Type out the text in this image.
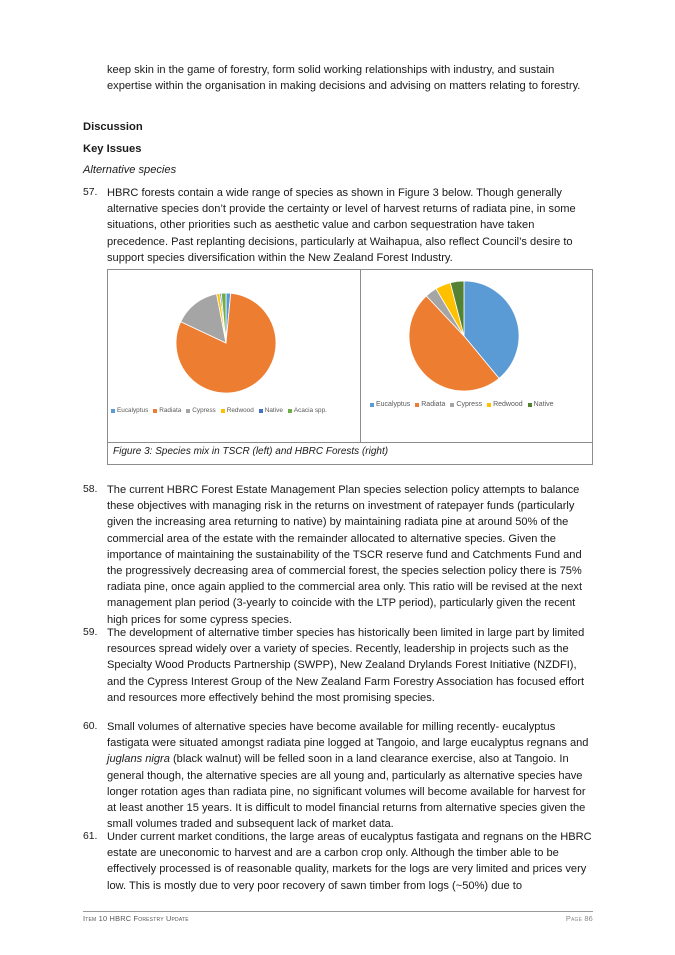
keep skin in the game of forestry, form solid working relationships with industry, and sustain expertise within the organisation in making decisions and advising on matters relating to forestry.

Discussion

Key Issues

Alternative species

57. HBRC forests contain a wide range of species as shown in Figure 3 below. Though generally alternative species don’t provide the certainty or level of harvest returns of radiata pine, in some situations, other priorities such as aesthetic value and carbon sequestration have taken precedence. Past replanting decisions, particularly at Waihapua, also reflect Council’s desire to support species diversification within the New Zealand Forest Industry.

Eucalyptus Radiata Cypress Redwood Native Acacia spp.
Eucalyptus Radiata Cypress Redwood Native
Figure 3: Species mix in TSCR (left) and HBRC Forests (right)
58. The current HBRC Forest Estate Management Plan species selection policy attempts to balance these objectives with managing risk in the returns on investment of ratepayer funds (particularly given the increasing area returning to native) by maintaining radiata pine at around 50% of the commercial area of the estate with the remainder allocated to alternative species. Given the importance of maintaining the sustainability of the TSCR reserve fund and Catchments Fund and the progressively decreasing area of commercial forest, the species selection policy there is 75% radiata pine, once again applied to the commercial area only. This ratio will be revised at the next management plan period (3-yearly to coincide with the LTP period), particularly given the recent high prices for some cypress species.

59. The development of alternative timber species has historically been limited in large part by limited resources spread widely over a variety of species. Recently, leadership in projects such as the Specialty Wood Products Partnership (SWPP), New Zealand Drylands Forest Initiative (NZDFI), and the Cypress Interest Group of the New Zealand Farm Forestry Association has focused effort and resources more effectively behind the most promising species.

60. Small volumes of alternative species have become available for milling recently- eucalyptus fastigata were situated amongst radiata pine logged at Tangoio, and large eucalyptus regnans and juglans nigra (black walnut) will be felled soon in a land clearance exercise, also at Tangoio. In general though, the alternative species are all young and, particularly as alternative species have longer rotation ages than radiata pine, no significant volumes will become available for harvest for at least another 15 years. It is difficult to model financial returns from alternative species given the small volumes traded and subsequent lack of market data.

61. Under current market conditions, the large areas of eucalyptus fastigata and regnans on the HBRC estate are uneconomic to harvest and are a carbon crop only. Although the timber able to be effectively processed is of reasonable quality, markets for the logs are very limited and prices very low. This is mostly due to very poor recovery of sawn timber from logs (~50%) due to

Item 10 HBRC Forestry Update	Page 86
